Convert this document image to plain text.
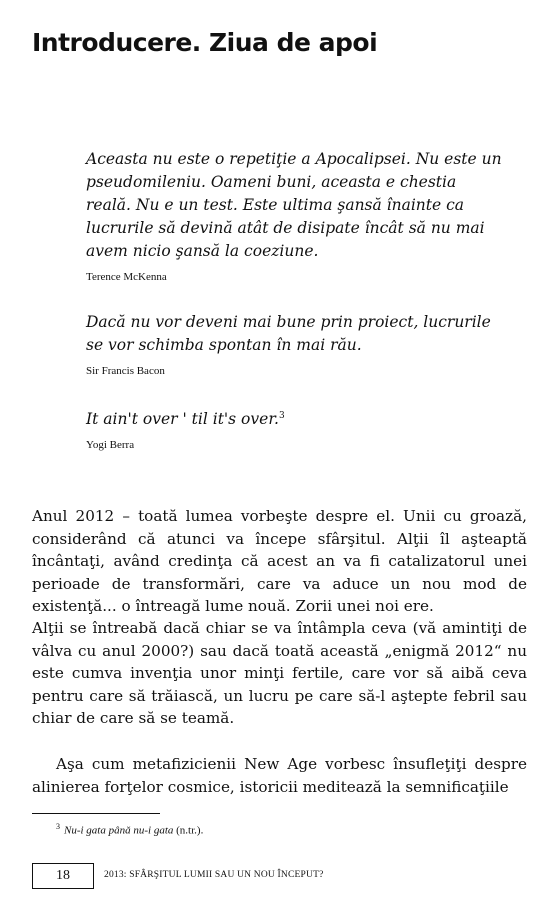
Introducere. Ziua de apoi

Aceasta nu este o repetiţie a Apocalipsei. Nu este un pseudomileniu. Oameni buni, aceasta e chestia reală. Nu e un test. Este ultima şansă înainte ca lucrurile să devină atât de disipate încât să nu mai avem nicio şansă la coeziune.

Terence McKenna

Dacă nu vor deveni mai bune prin proiect, lucrurile se vor schimba spontan în mai rău.

Sir Francis Bacon

It ain't over ' til it's over.$^3$

Yogi Berra

Anul 2012 – toată lumea vorbeşte despre el. Unii cu groază, considerând că atunci va începe sfârşitul. Alţii îl aşteaptă încântaţi, având credinţa că acest an va fi catalizatorul unei perioade de transformări, care va aduce un nou mod de existenţă... o întreagă lume nouă. Zorii unei noi ere.

Alţii se întreabă dacă chiar se va întâmpla ceva (vă amintiţi de vâlva cu anul 2000?) sau dacă toată această „enigmă 2012“ nu este cumva invenţia unor minţi fertile, care vor să aibă ceva pentru care să trăiască, un lucru pe care să-l aştepte febril sau chiar de care să se teamă.

Aşa cum metafizicienii New Age vorbesc însufleţiţi despre alinierea forţelor cosmice, istoricii meditează la semnificaţiile

$^3$ Nu-i gata până nu-i gata (n.tr.).
18	2013: SFÂRŞITUL LUMII SAU UN NOU ÎNCEPUT?
